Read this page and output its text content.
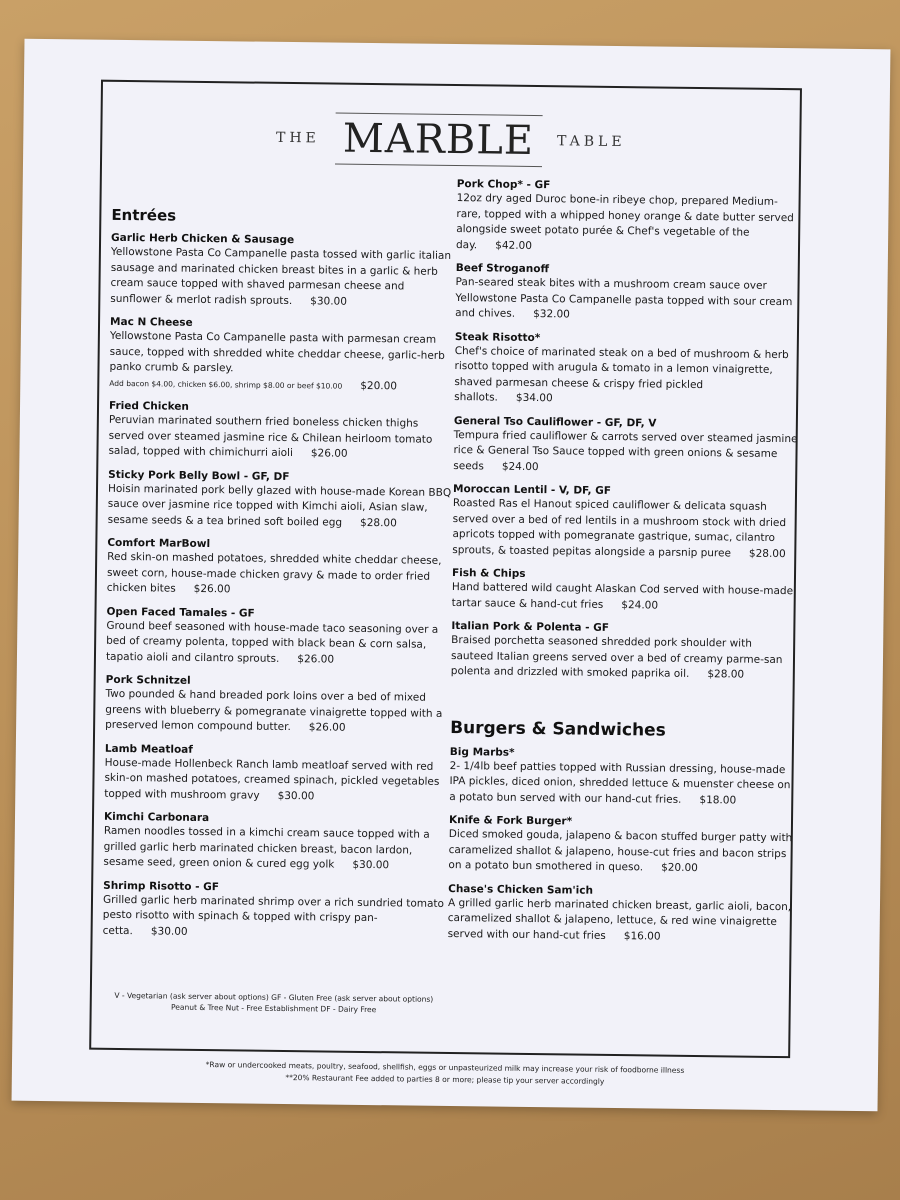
THE MARBLE TABLE
Entrées
Garlic Herb Chicken & Sausage
Yellowstone Pasta Co Campanelle pasta tossed with garlic italian sausage and marinated chicken breast bites in a garlic & herb cream sauce topped with shaved parmesan cheese and sunflower & merlot radish sprouts. $30.00
Mac N Cheese
Yellowstone Pasta Co Campanelle pasta with parmesan cream sauce, topped with shredded white cheddar cheese, garlic-herb panko crumb & parsley.
Add bacon $4.00, chicken $6.00, shrimp $8.00 or beef $10.00 $20.00
Fried Chicken
Peruvian marinated southern fried boneless chicken thighs served over steamed jasmine rice & Chilean heirloom tomato salad, topped with chimichurri aioli $26.00
Sticky Pork Belly Bowl - GF, DF
Hoisin marinated pork belly glazed with house-made Korean BBQ sauce over jasmine rice topped with Kimchi aioli, Asian slaw, sesame seeds & a tea brined soft boiled egg $28.00
Comfort MarBowl
Red skin-on mashed potatoes, shredded white cheddar cheese, sweet corn, house-made chicken gravy & made to order fried chicken bites $26.00
Open Faced Tamales - GF
Ground beef seasoned with house-made taco seasoning over a bed of creamy polenta, topped with black bean & corn salsa, tapatio aioli and cilantro sprouts. $26.00
Pork Schnitzel
Two pounded & hand breaded pork loins over a bed of mixed greens with blueberry & pomegranate vinaigrette topped with a preserved lemon compound butter. $26.00
Lamb Meatloaf
House-made Hollenbeck Ranch lamb meatloaf served with red skin-on mashed potatoes, creamed spinach, pickled vegetables topped with mushroom gravy $30.00
Kimchi Carbonara
Ramen noodles tossed in a kimchi cream sauce topped with a grilled garlic herb marinated chicken breast, bacon lardon, sesame seed, green onion & cured egg yolk $30.00
Shrimp Risotto - GF
Grilled garlic herb marinated shrimp over a rich sundried tomato pesto risotto with spinach & topped with crispy pan-cetta. $30.00
Pork Chop* - GF
12oz dry aged Duroc bone-in ribeye chop, prepared Medium-rare, topped with a whipped honey orange & date butter served alongside sweet potato purée & Chef's vegetable of the day. $42.00
Beef Stroganoff
Pan-seared steak bites with a mushroom cream sauce over Yellowstone Pasta Co Campanelle pasta topped with sour cream and chives. $32.00
Steak Risotto*
Chef's choice of marinated steak on a bed of mushroom & herb risotto topped with arugula & tomato in a lemon vinaigrette, shaved parmesan cheese & crispy fried pickled shallots. $34.00
General Tso Cauliflower - GF, DF, V
Tempura fried cauliflower & carrots served over steamed jasmine rice & General Tso Sauce topped with green onions & sesame seeds $24.00
Moroccan Lentil - V, DF, GF
Roasted Ras el Hanout spiced cauliflower & delicata squash served over a bed of red lentils in a mushroom stock with dried apricots topped with pomegranate gastrique, sumac, cilantro sprouts, & toasted pepitas alongside a parsnip puree $28.00
Fish & Chips
Hand battered wild caught Alaskan Cod served with house-made tartar sauce & hand-cut fries $24.00
Italian Pork & Polenta - GF
Braised porchetta seasoned shredded pork shoulder with sauteed Italian greens served over a bed of creamy parme-san polenta and drizzled with smoked paprika oil. $28.00
Burgers & Sandwiches
Big Marbs*
2- 1/4lb beef patties topped with Russian dressing, house-made IPA pickles, diced onion, shredded lettuce & muenster cheese on a potato bun served with our hand-cut fries. $18.00
Knife & Fork Burger*
Diced smoked gouda, jalapeno & bacon stuffed burger patty with caramelized shallot & jalapeno, house-cut fries and bacon strips on a potato bun smothered in queso. $20.00
Chase's Chicken Sam'ich
A grilled garlic herb marinated chicken breast, garlic aioli, bacon, caramelized shallot & jalapeno, lettuce, & red wine vinaigrette served with our hand-cut fries $16.00
V - Vegetarian (ask server about options) GF - Gluten Free (ask server about options)
Peanut & Tree Nut - Free Establishment DF - Dairy Free
*Raw or undercooked meats, poultry, seafood, shellfish, eggs or unpasteurized milk may increase your risk of foodborne illness
**20% Restaurant Fee added to parties 8 or more; please tip your server accordingly
